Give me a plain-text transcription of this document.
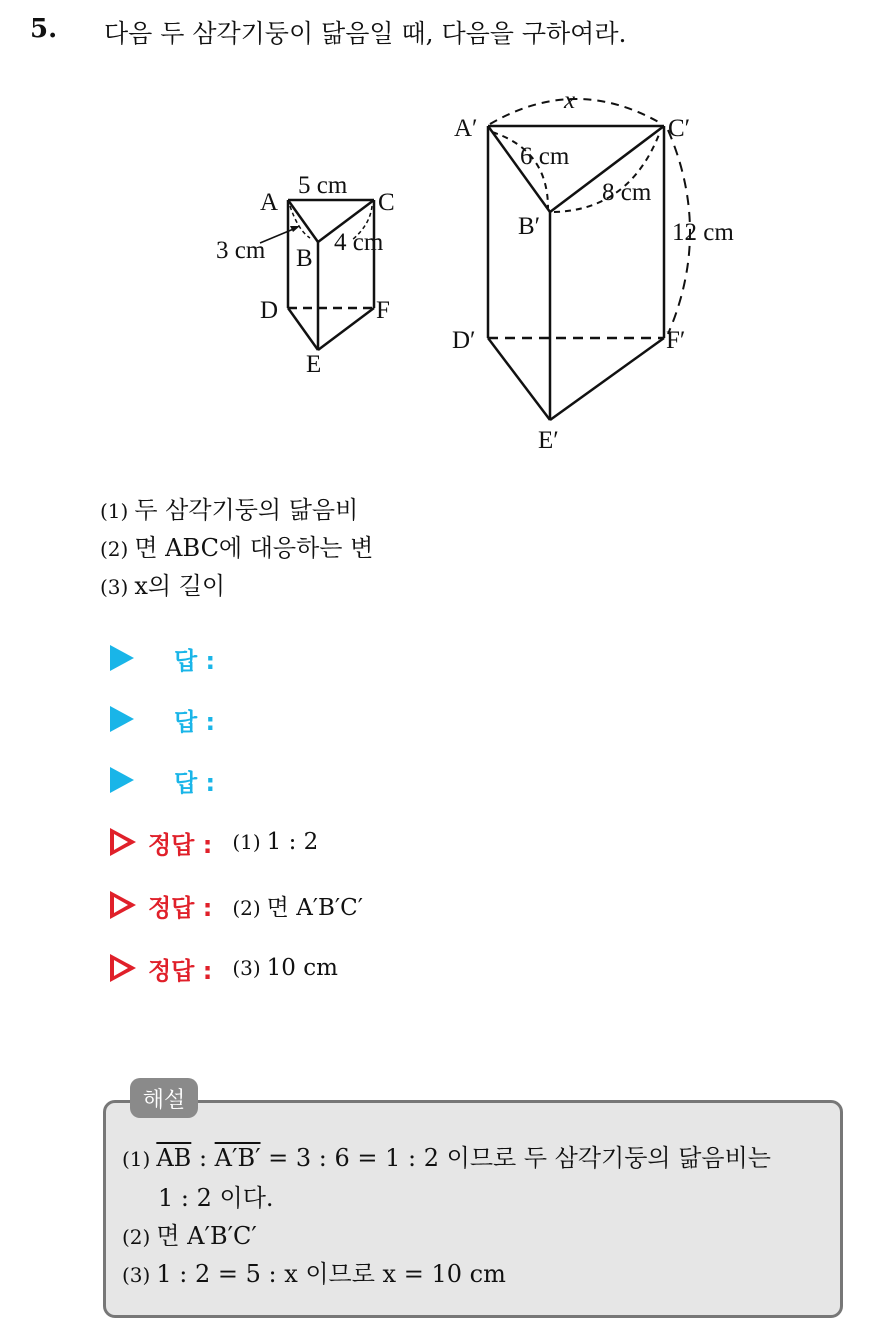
5. 다음 두 삼각기둥이 닮음일 때, 다음을 구하여라.
A	C
B
D	F
E
5 cm
3 cm	4 cm
A′	C′
B′
D′	F′
E′
x
6 cm
8 cm
12 cm
(1) 두 삼각기둥의 닮음비
(2) 면 ABC에 대응하는 변
(3) x의 길이
답 :
답 :
답 :
정답 : (1) 1 : 2
정답 : (2) 면 A′B′C′
정답 : (3) 10 cm
해설
(1) $\overline{AB}$ : A′B′ = 3 : 6 = 1 : 2 이므로 두 삼각기둥의 닮음비는
1 : 2 이다.
(2) 면 A′B′C′
(3) 1 : 2 = 5 : x 이므로 x = 10 cm
